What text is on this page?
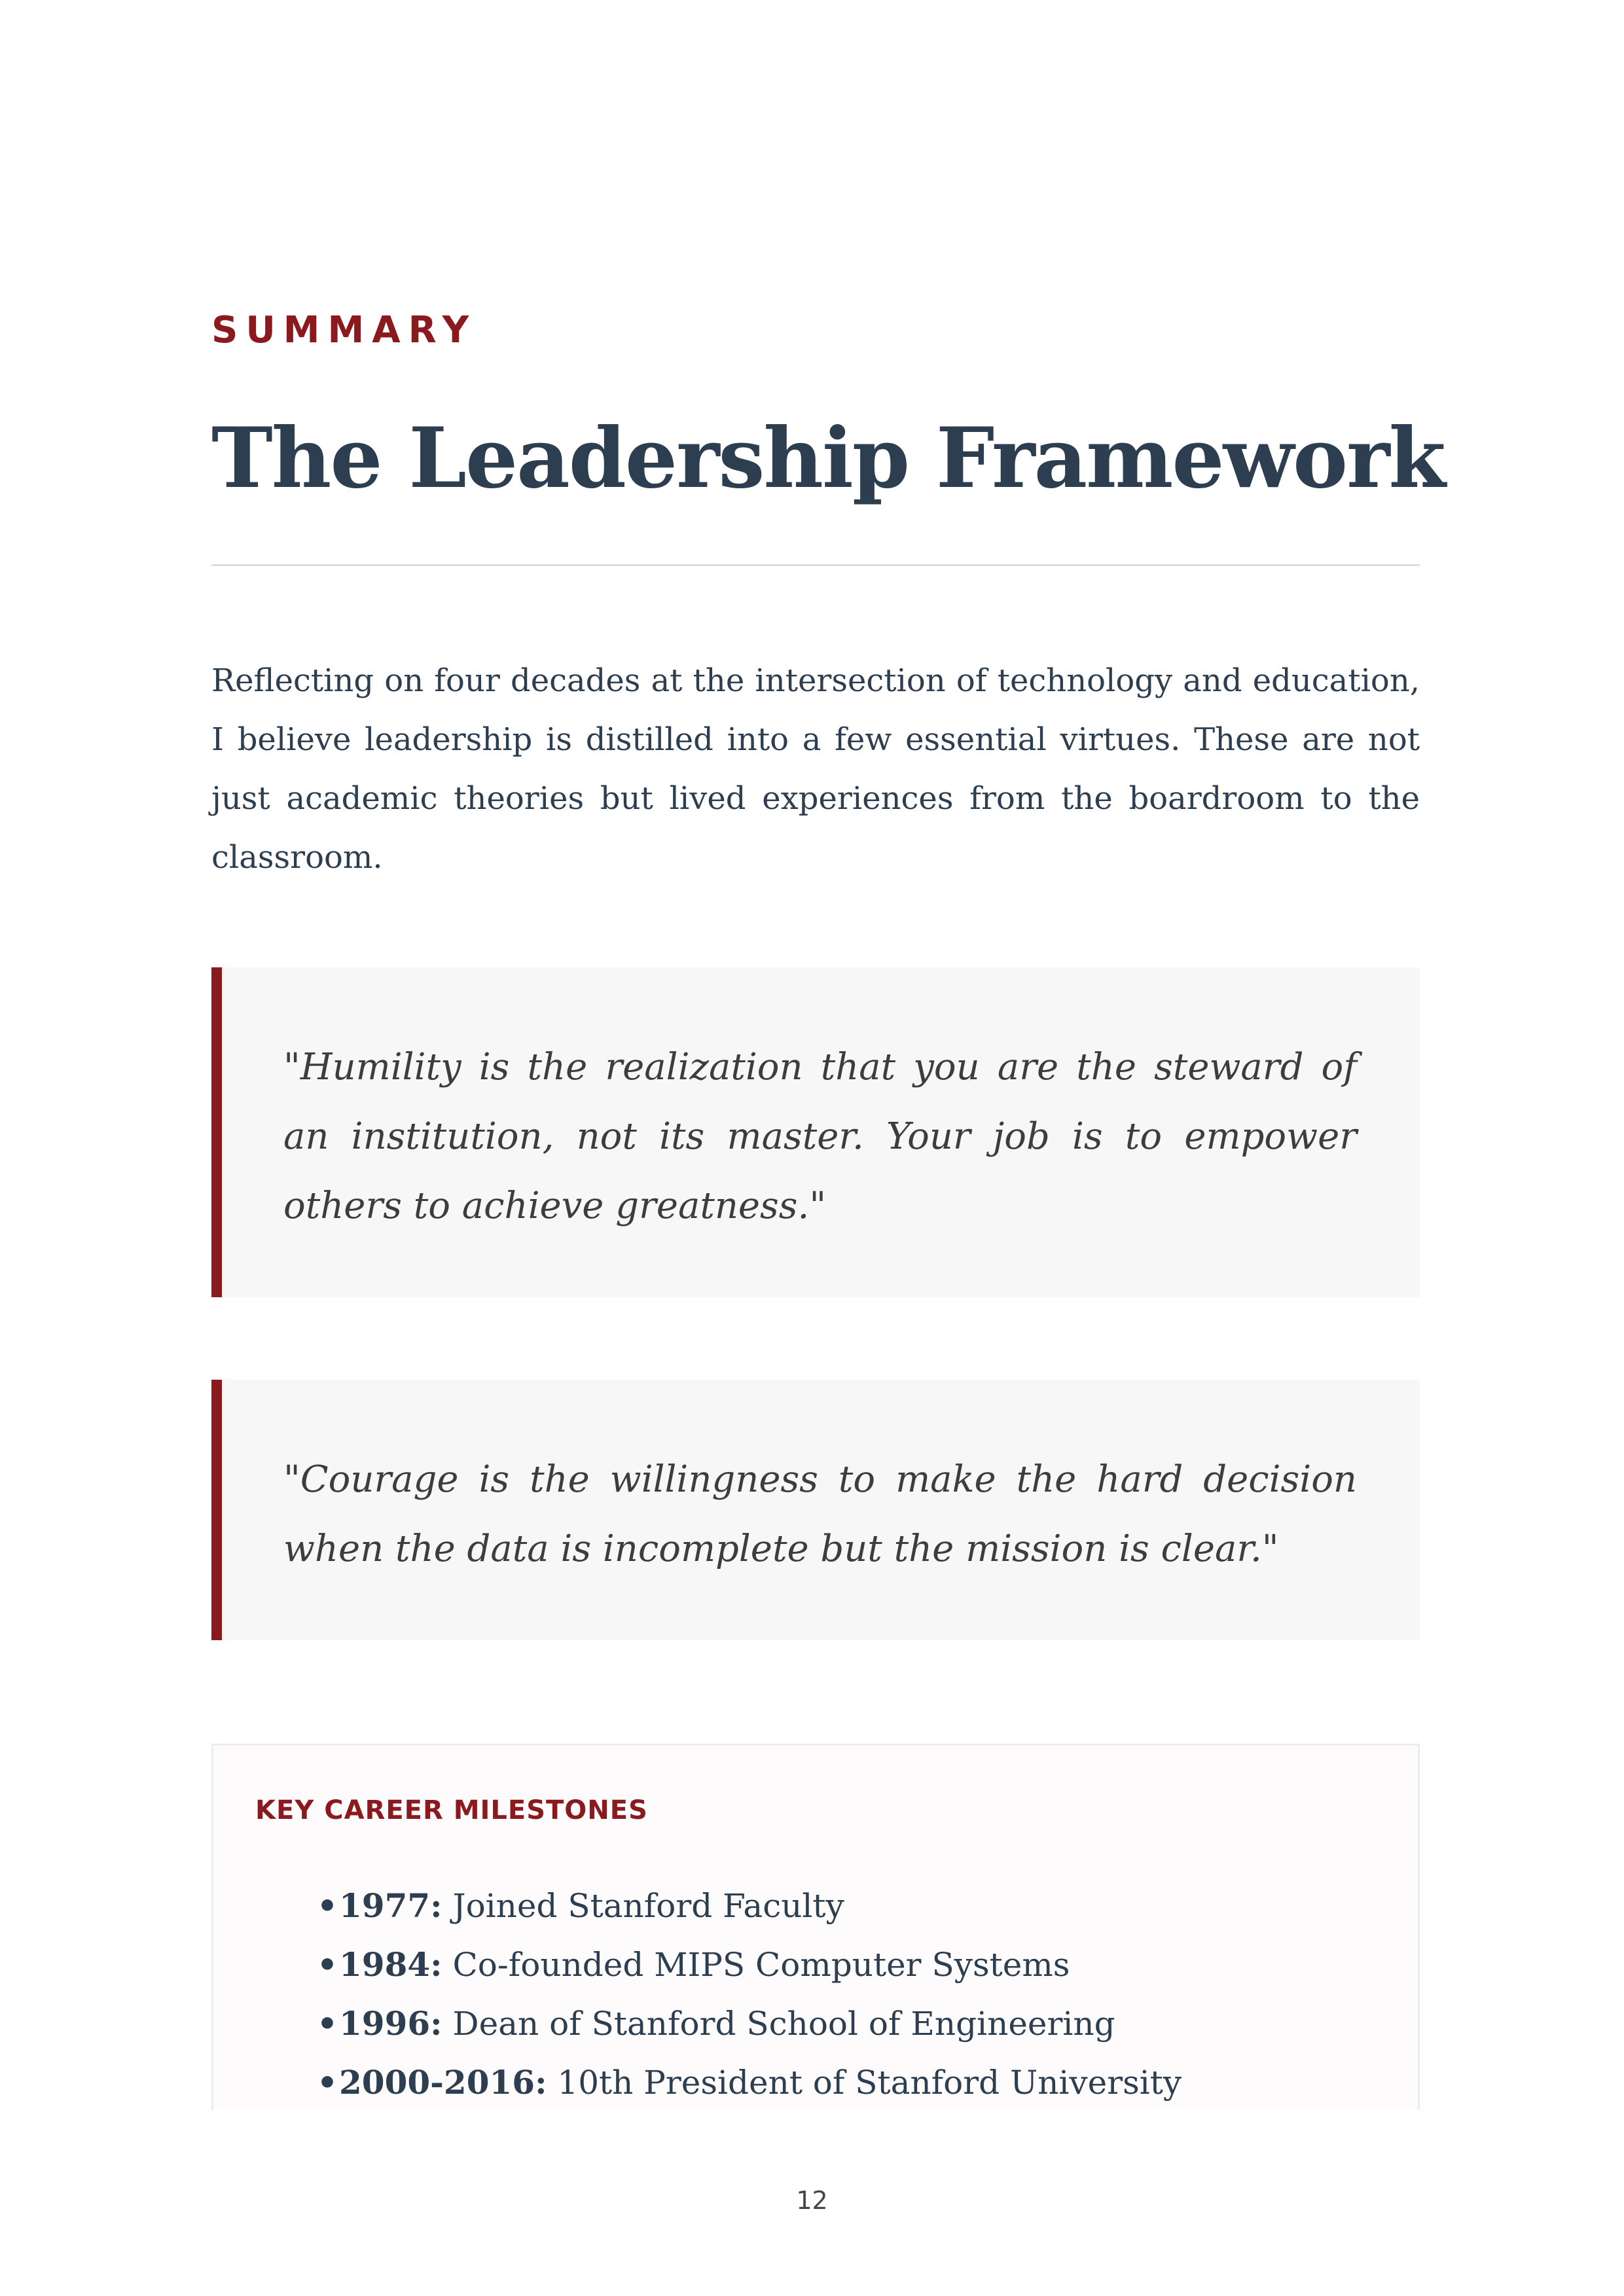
SUMMARY
The Leadership Framework

Reflecting on four decades at the intersection of technology and education, I believe leadership is distilled into a few essential virtues. These are not just academic theories but lived experiences from the boardroom to the classroom.

"Humility is the realization that you are the steward of an institution, not its master. Your job is to empower others to achieve greatness."
"Courage is the willingness to make the hard decision when the data is incomplete but the mission is clear."
KEY CAREER MILESTONES
•1977: Joined Stanford Faculty
•1984: Co-founded MIPS Computer Systems
•1996: Dean of Stanford School of Engineering
•2000-2016: 10th President of Stanford University
12
